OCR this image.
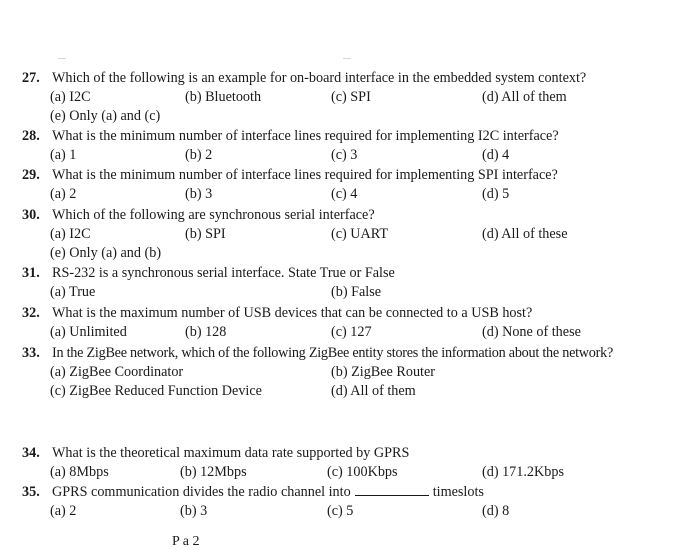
27. Which of the following is an example for on-board interface in the embedded system context?
(a) I2C	(b) Bluetooth	(c) SPI	(d) All of them
(e) Only (a) and (c)
28. What is the minimum number of interface lines required for implementing I2C interface?
(a) 1	(b) 2	(c) 3	(d) 4
29. What is the minimum number of interface lines required for implementing SPI interface?
(a) 2	(b) 3	(c) 4	(d) 5
30. Which of the following are synchronous serial interface?
(a) I2C	(b) SPI	(c) UART	(d) All of these
(e) Only (a) and (b)
31. RS-232 is a synchronous serial interface. State True or False
(a) True	(b) False
32. What is the maximum number of USB devices that can be connected to a USB host?
(a) Unlimited	(b) 128	(c) 127	(d) None of these
33. In the ZigBee network, which of the following ZigBee entity stores the information about the network?
(a) ZigBee Coordinator	(b) ZigBee Router
(c) ZigBee Reduced Function Device	(d) All of them
34. What is the theoretical maximum data rate supported by GPRS
(a) 8Mbps	(b) 12Mbps	(c) 100Kbps	(d) 171.2Kbps
35. GPRS communication divides the radio channel into	timeslots
(a) 2	(b) 3	(c) 5	(d) 8
P a 2
